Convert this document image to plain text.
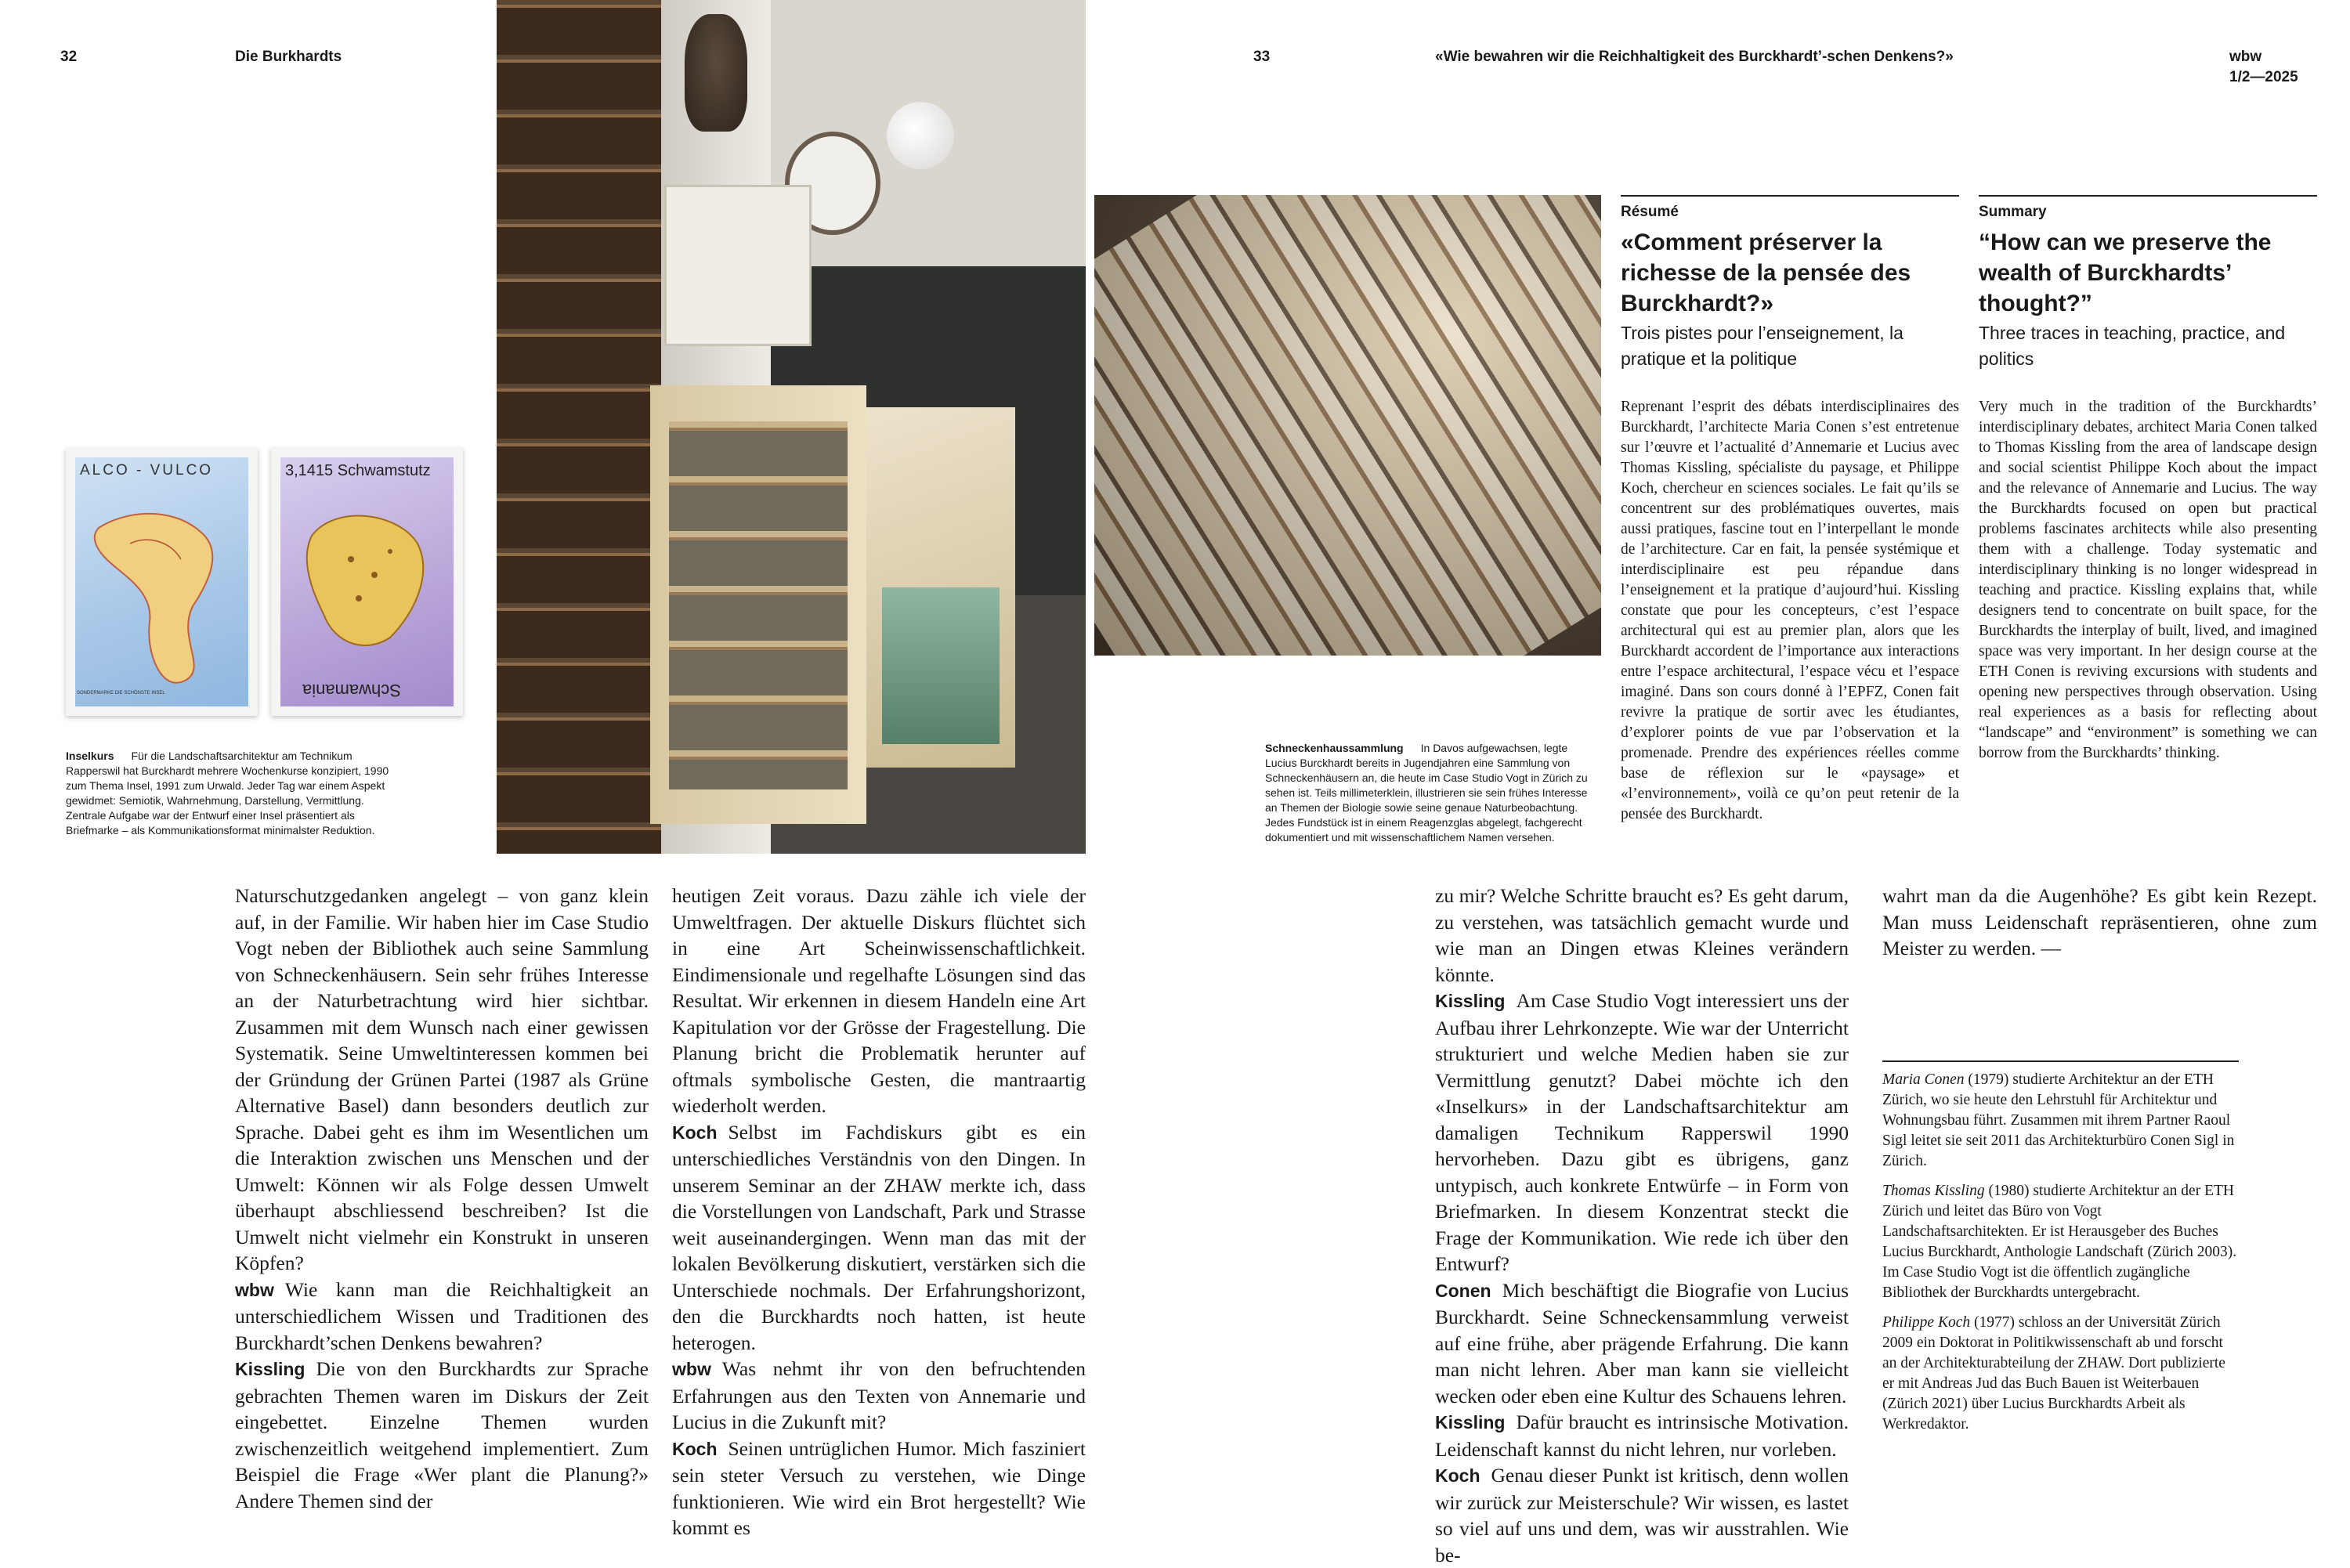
32	Die Burkhardts	33	«Wie bewahren wir die Reichhaltigkeit des Burckhardt’-schen Denkens?»	wbw
1/2—2025
ALCO - VULCO
SONDERMARKE DIE SCHÖNSTE INSEL
3,1415 Schwamstutz
Schwamania
Inselkurs Für die Landschaftsarchitektur am Technikum Rapperswil hat Burckhardt mehrere Wochenkurse konzipiert, 1990 zum Thema Insel, 1991 zum Urwald. Jeder Tag war einem Aspekt gewidmet: Semiotik, Wahrnehmung, Darstellung, Vermittlung. Zentrale Aufgabe war der Entwurf einer Insel präsentiert als Briefmarke – als Kommunikationsformat minimalster Reduktion.
Schneckenhaussammlung In Davos aufgewachsen, legte Lucius Burckhardt bereits in Jugendjahren eine Sammlung von Schneckenhäusern an, die heute im Case Studio Vogt in Zürich zu sehen ist. Teils millimeterklein, illustrieren sie sein frühes Interesse an Themen der Biologie sowie seine genaue Naturbeobachtung. Jedes Fundstück ist in einem Reagenzglas abgelegt, fachgerecht dokumentiert und mit wissenschaftlichem Namen versehen.
Résumé
«Comment préserver la richesse de la pensée des Burckhardt?»
Trois pistes pour l’enseignement, la pratique et la politique
Reprenant l’esprit des débats interdisciplinaires des Burckhardt, l’architecte Maria Conen s’est entretenue sur l’œuvre et l’actualité d’Annemarie et Lucius avec Thomas Kissling, spécialiste du paysage, et Philippe Koch, chercheur en sciences sociales. Le fait qu’ils se concentrent sur des problématiques ouvertes, mais aussi pratiques, fascine tout en l’interpellant le monde de l’architecture. Car en fait, la pensée systémique et interdisciplinaire est peu répandue dans l’enseignement et la pratique d’aujourd’hui. Kissling constate que pour les concepteurs, c’est l’espace architectural qui est au premier plan, alors que les Burckhardt accordent de l’importance aux interactions entre l’espace architectural, l’espace vécu et l’espace imaginé. Dans son cours donné à l’EPFZ, Conen fait revivre la pratique de sortir avec les étudiantes, d’explorer points de vue par l’observation et la promenade. Prendre des expériences réelles comme base de réflexion sur le «paysage» et «l’environnement», voilà ce qu’on peut retenir de la pensée des Burckhardt.
Summary
“How can we preserve the wealth of Burckhardts’ thought?”
Three traces in teaching, practice, and politics
Very much in the tradition of the Burckhardts’ interdisciplinary debates, architect Maria Conen talked to Thomas Kissling from the area of landscape design and social scientist Philippe Koch about the impact and the relevance of Annemarie and Lucius. The way the Burckhardts focused on open but practical problems fascinates architects while also presenting them with a challenge. Today systematic and interdisciplinary thinking is no longer widespread in teaching and practice. Kissling explains that, while designers tend to concentrate on built space, for the Burckhardts the interplay of built, lived, and imagined space was very important. In her design course at the ETH Conen is reviving excursions with students and opening new perspectives through observation. Using real experiences as a basis for reflecting about “landscape” and “environment” is something we can borrow from the Burckhardts’ thinking.

Naturschutzgedanken angelegt – von ganz klein auf, in der Familie. Wir haben hier im Case Studio Vogt neben der Bibliothek auch seine Sammlung von Schneckenhäusern. Sein sehr frühes Interesse an der Naturbetrachtung wird hier sichtbar. Zusammen mit dem Wunsch nach einer gewissen Systematik. Seine Umweltinteressen kommen bei der Gründung der Grünen Partei (1987 als Grüne Alternative Basel) dann besonders deutlich zur Sprache. Dabei geht es ihm im Wesentlichen um die Interaktion zwischen uns Menschen und der Umwelt: Können wir als Folge dessen Umwelt überhaupt abschliessend beschreiben? Ist die Umwelt nicht vielmehr ein Konstrukt in unseren Köpfen?

wbw Wie kann man die Reichhaltigkeit an unterschiedlichem Wissen und Traditionen des Burckhardt’schen Denkens bewahren?

Kissling Die von den Burckhardts zur Sprache gebrachten Themen waren im Diskurs der Zeit eingebettet. Einzelne Themen wurden zwischenzeitlich weitgehend implementiert. Zum Beispiel die Frage «Wer plant die Planung?» Andere Themen sind der

heutigen Zeit voraus. Dazu zähle ich viele der Umweltfragen. Der aktuelle Diskurs flüchtet sich in eine Art Scheinwissenschaftlichkeit. Eindimensionale und regelhafte Lösungen sind das Resultat. Wir erkennen in diesem Handeln eine Art Kapitulation vor der Grösse der Fragestellung. Die Planung bricht die Problematik herunter auf oftmals symbolische Gesten, die mantraartig wiederholt werden.

Koch Selbst im Fachdiskurs gibt es ein unterschiedliches Verständnis von den Dingen. In unserem Seminar an der ZHAW merkte ich, dass die Vorstellungen von Landschaft, Park und Strasse weit auseinandergingen. Wenn man das mit der lokalen Bevölkerung diskutiert, verstärken sich die Unterschiede nochmals. Der Erfahrungshorizont, den die Burckhardts noch hatten, ist heute heterogen.

wbw Was nehmt ihr von den befruchtenden Erfahrungen aus den Texten von Annemarie und Lucius in die Zukunft mit?

Koch Seinen untrüglichen Humor. Mich fasziniert sein steter Versuch zu verstehen, wie Dinge funktionieren. Wie wird ein Brot hergestellt? Wie kommt es

zu mir? Welche Schritte braucht es? Es geht darum, zu verstehen, was tatsächlich gemacht wurde und wie man an Dingen etwas Kleines verändern könnte.

Kissling Am Case Studio Vogt interessiert uns der Aufbau ihrer Lehrkonzepte. Wie war der Unterricht strukturiert und welche Medien haben sie zur Vermittlung genutzt? Dabei möchte ich den «Inselkurs» in der Landschaftsarchitektur am damaligen Technikum Rapperswil 1990 hervorheben. Dazu gibt es übrigens, ganz untypisch, auch konkrete Entwürfe – in Form von Briefmarken. In diesem Konzentrat steckt die Frage der Kommunikation. Wie rede ich über den Entwurf?

Conen Mich beschäftigt die Biografie von Lucius Burckhardt. Seine Schneckensammlung verweist auf eine frühe, aber prägende Erfahrung. Die kann man nicht lehren. Aber man kann sie vielleicht wecken oder eben eine Kultur des Schauens lehren.

Kissling Dafür braucht es intrinsische Motivation. Leidenschaft kannst du nicht lehren, nur vorleben.

Koch Genau dieser Punkt ist kritisch, denn wollen wir zurück zur Meisterschule? Wir wissen, es lastet so viel auf uns und dem, was wir ausstrahlen. Wie be-

wahrt man da die Augenhöhe? Es gibt kein Rezept. Man muss Leidenschaft repräsentieren, ohne zum Meister zu werden. —

Maria Conen (1979) studierte Architektur an der ETH Zürich, wo sie heute den Lehrstuhl für Architektur und Wohnungsbau führt. Zusammen mit ihrem Partner Raoul Sigl leitet sie seit 2011 das Architekturbüro Conen Sigl in Zürich.

Thomas Kissling (1980) studierte Architektur an der ETH Zürich und leitet das Büro von Vogt Landschaftsarchitekten. Er ist Herausgeber des Buches Lucius Burckhardt, Anthologie Landschaft (Zürich 2003). Im Case Studio Vogt ist die öffentlich zugängliche Bibliothek der Burckhardts untergebracht.

Philippe Koch (1977) schloss an der Universität Zürich 2009 ein Doktorat in Politikwissenschaft ab und forscht an der Architekturabteilung der ZHAW. Dort publizierte er mit Andreas Jud das Buch Bauen ist Weiterbauen (Zürich 2021) über Lucius Burckhardts Arbeit als Werkredaktor.
